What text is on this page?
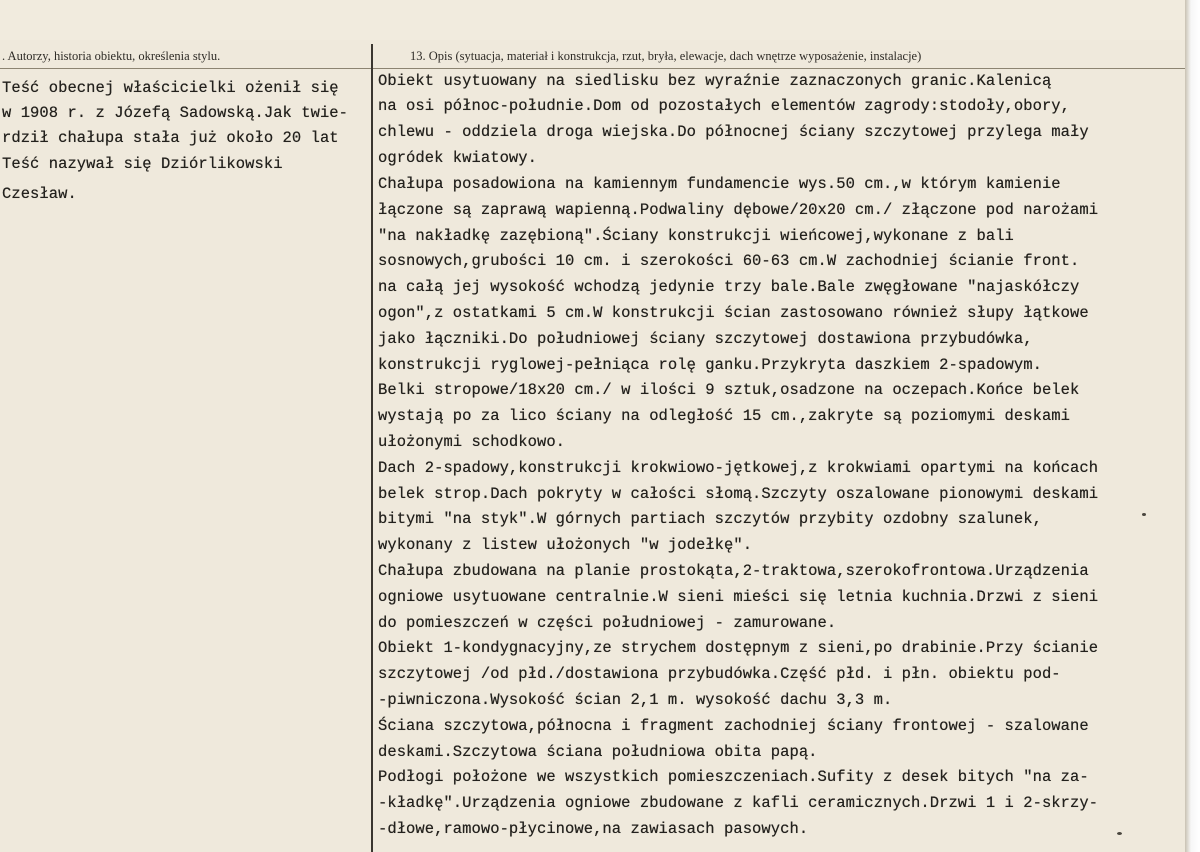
. Autorzy, historia obiektu, określenia stylu.	13. Opis (sytuacja, materiał i konstrukcja, rzut, bryła, elewacje, dach wnętrze wyposażenie, instalacje)
Teść obecnej właścicielki ożenił się
w 1908 r. z Józefą Sadowską.Jak twie-
rdził chałupa stała już około 20 lat
Teść nazywał się Dziórlikowski
Czesław.
Obiekt usytuowany na siedlisku bez wyraźnie zaznaczonych granic.Kalenicą
na osi północ-południe.Dom od pozostałych elementów zagrody:stodoły,obory,
chlewu - oddziela droga wiejska.Do północnej ściany szczytowej przylega mały
ogródek kwiatowy.
Chałupa posadowiona na kamiennym fundamencie wys.50 cm.,w którym kamienie
łączone są zaprawą wapienną.Podwaliny dębowe/20x20 cm./ złączone pod narożami
"na nakładkę zazębioną".Ściany konstrukcji wieńcowej,wykonane z bali
sosnowych,grubości 10 cm. i szerokości 60-63 cm.W zachodniej ścianie front.
na całą jej wysokość wchodzą jedynie trzy bale.Bale zwęgłowane "najaskółczy
ogon",z ostatkami 5 cm.W konstrukcji ścian zastosowano również słupy łątkowe
jako łączniki.Do południowej ściany szczytowej dostawiona przybudówka,
konstrukcji ryglowej-pełniąca rolę ganku.Przykryta daszkiem 2-spadowym.
Belki stropowe/18x20 cm./ w ilości 9 sztuk,osadzone na oczepach.Końce belek
wystają po za lico ściany na odległość 15 cm.,zakryte są poziomymi deskami
ułożonymi schodkowo.
Dach 2-spadowy,konstrukcji krokwiowo-jętkowej,z krokwiami opartymi na końcach
belek strop.Dach pokryty w całości słomą.Szczyty oszalowane pionowymi deskami
bitymi "na styk".W górnych partiach szczytów przybity ozdobny szalunek,
wykonany z listew ułożonych "w jodełkę".
Chałupa zbudowana na planie prostokąta,2-traktowa,szerokofrontowa.Urządzenia
ogniowe usytuowane centralnie.W sieni mieści się letnia kuchnia.Drzwi z sieni
do pomieszczeń w części południowej - zamurowane.
Obiekt 1-kondygnacyjny,ze strychem dostępnym z sieni,po drabinie.Przy ścianie
szczytowej /od płd./dostawiona przybudówka.Część płd. i płn. obiektu pod-
-piwniczona.Wysokość ścian 2,1 m. wysokość dachu 3,3 m.
Ściana szczytowa,północna i fragment zachodniej ściany frontowej - szalowane
deskami.Szczytowa ściana południowa obita papą.
Podłogi położone we wszystkich pomieszczeniach.Sufity z desek bitych "na za-
-kładkę".Urządzenia ogniowe zbudowane z kafli ceramicznych.Drzwi 1 i 2-skrzy-
-dłowe,ramowo-płycinowe,na zawiasach pasowych.
